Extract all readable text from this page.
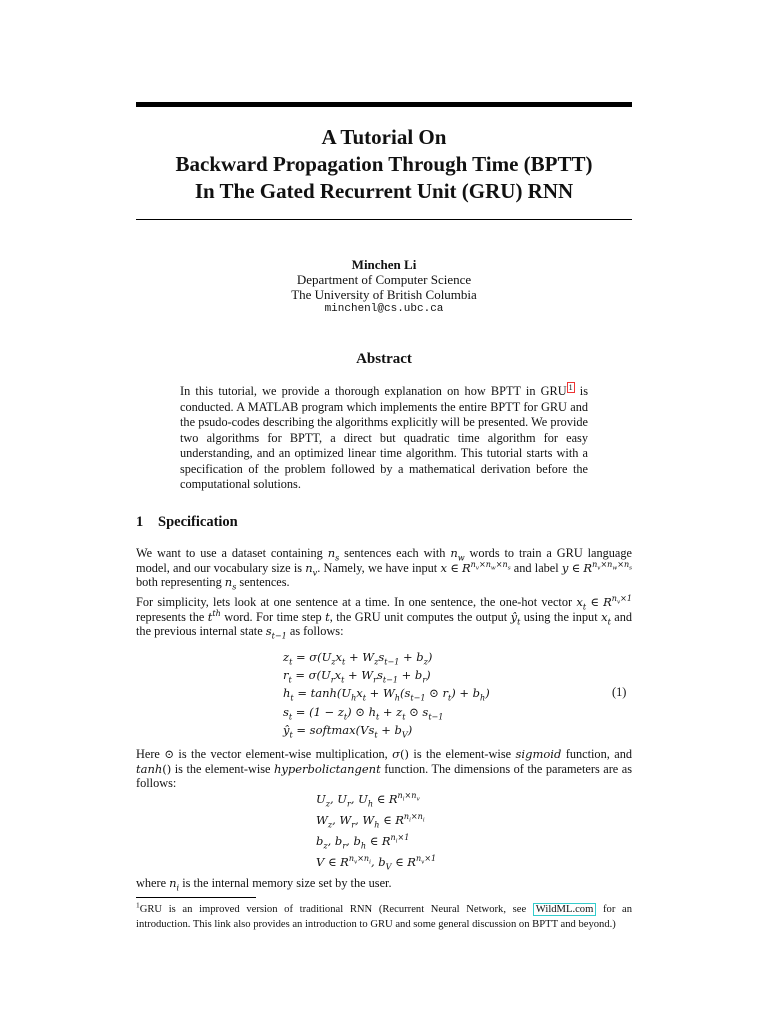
A Tutorial On
Backward Propagation Through Time (BPTT)
In The Gated Recurrent Unit (GRU) RNN
Minchen Li
Department of Computer Science
The University of British Columbia
minchenl@cs.ubc.ca
Abstract
In this tutorial, we provide a thorough explanation on how BPTT in GRU $^1$ is conducted. A MATLAB program which implements the entire BPTT for GRU and the psudo-codes describing the algorithms explicitly will be presented. We provide two algorithms for BPTT, a direct but quadratic time algorithm for easy understanding, and an optimized linear time algorithm. This tutorial starts with a specification of the problem followed by a mathematical derivation before the computational solutions.
1 Specification
We want to use a dataset containing $n_s$ sentences each with $n_w$ words to train a GRU language model, and our vocabulary size is $n_v$. Namely, we have input x ∈ $R^{n_v\times n_w\times n_s}$ and label y ∈ $R^{n_v\times n_w\times n_s}$ both representing $n_s$ sentences.
For simplicity, lets look at one sentence at a time. In one sentence, the one-hot vector $x_t$ ∈ $R^{n_v\times 1}$ represents the $t^{th}$ word. For time step t, the GRU unit computes the output $ŷ_t$ using the input $x_t$ and the previous internal state $s_{t-1}$ as follows:
$z_t = \sigma(U_zx_t + W_zs_{t-1} + b_z)$
$r_t = \sigma(U_rx_t + W_rs_{t-1} + b_r)$
$h_t = \tanh(U_hx_t + W_h(s_{t-1}$ ⊙ $r_t) + b_h$)
$s_t = (1 - z_t)$ ⊙ $h_t + z_t$ ⊙ $s_{t-1}$
$ŷ_t$ = $softmax(Vs_t + b_V)$
(1)
Here ⊙ is the vector element-wise multiplication, σ() is the element-wise sigmoid function, and tanh() is the element-wise hyperbolictangent function. The dimensions of the parameters are as follows:
$U_z$, $U_r$, $U_h$ ∈ $R^{n_i\times n_v}$
$W_z$, $W_r$, $W_h$ ∈ $R^{n_i\times n_i}$
$b_z$, $b_r$, $b_h$ ∈ $R^{n_i\times 1}$
V ∈ $R^{n_v\times n_i}$, $b_V$ ∈ $R^{n_v\times 1}$
where $n_i$ is the internal memory size set by the user.
$^1$GRU is an improved version of traditional RNN (Recurrent Neural Network, see WildML.com for an introduction. This link also provides an introduction to GRU and some general discussion on BPTT and beyond.)
